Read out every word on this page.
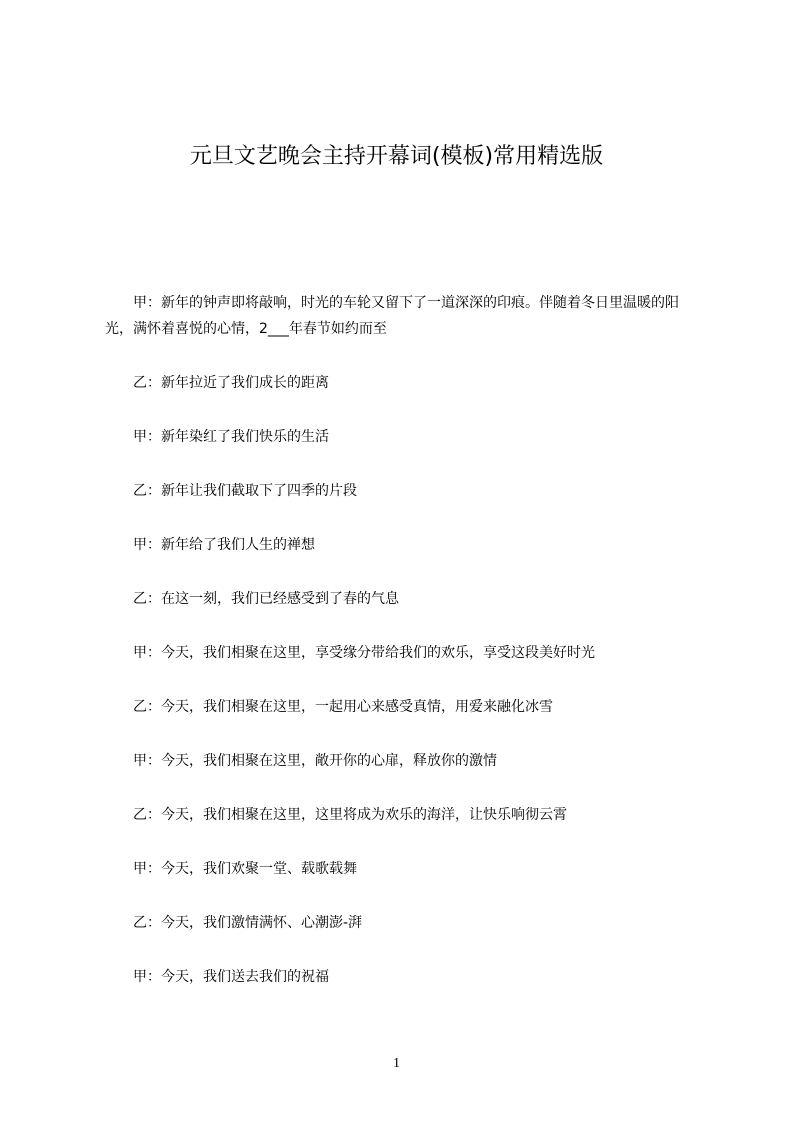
元旦文艺晚会主持开幕词(模板)常用精选版

甲：新年的钟声即将敲响，时光的车轮又留下了一道深深的印痕。伴随着冬日里温暖的阳光，满怀着喜悦的心情，2___年春节如约而至

乙：新年拉近了我们成长的距离

甲：新年染红了我们快乐的生活

乙：新年让我们截取下了四季的片段

甲：新年给了我们人生的禅想

乙：在这一刻，我们已经感受到了春的气息

甲：今天，我们相聚在这里，享受缘分带给我们的欢乐，享受这段美好时光

乙：今天，我们相聚在这里，一起用心来感受真情，用爱来融化冰雪

甲：今天，我们相聚在这里，敞开你的心扉，释放你的激情

乙：今天，我们相聚在这里，这里将成为欢乐的海洋，让快乐响彻云霄

甲：今天，我们欢聚一堂、载歌载舞

乙：今天，我们激情满怀、心潮澎-湃

甲：今天，我们送去我们的祝福

1
